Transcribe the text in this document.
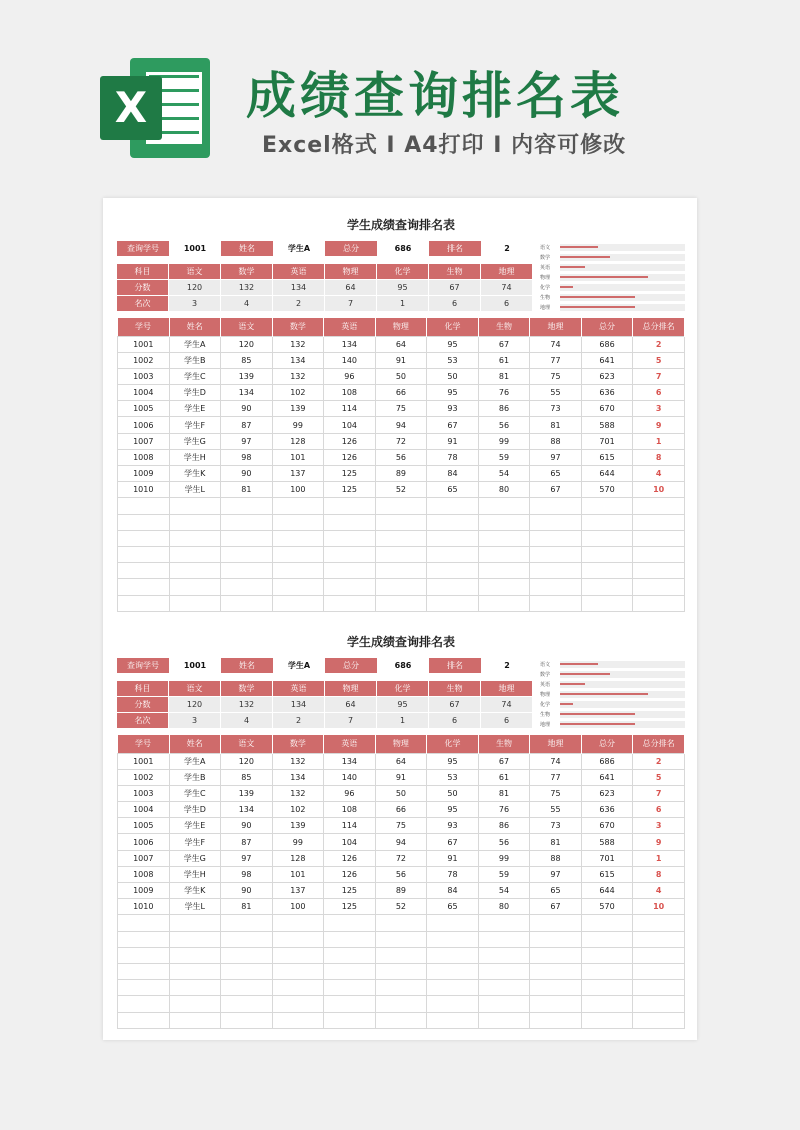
X 成绩查询排名表
Excel格式 Ⅰ A4打印 Ⅰ 内容可修改
学生成绩查询排名表
查询学号	1001	姓名	学生A	总分	686	排名	2
科目	语文	数学	英语	物理	化学	生物	地理
分数	120	132	134	64	95	67	74
名次	3	4	2	7	1	6	6
语文
数学
英语
物理
化学
生物
地理
学号	姓名	语文	数学	英语	物理	化学	生物	地理	总分	总分排名
1001	学生A	120	132	134	64	95	67	74	686	2
1002	学生B	85	134	140	91	53	61	77	641	5
1003	学生C	139	132	96	50	50	81	75	623	7
1004	学生D	134	102	108	66	95	76	55	636	6
1005	学生E	90	139	114	75	93	86	73	670	3
1006	学生F	87	99	104	94	67	56	81	588	9
1007	学生G	97	128	126	72	91	99	88	701	1
1008	学生H	98	101	126	56	78	59	97	615	8
1009	学生K	90	137	125	89	84	54	65	644	4
1010	学生L	81	100	125	52	65	80	67	570	10

学生成绩查询排名表
查询学号	1001	姓名	学生A	总分	686	排名	2
科目	语文	数学	英语	物理	化学	生物	地理
分数	120	132	134	64	95	67	74
名次	3	4	2	7	1	6	6
语文
数学
英语
物理
化学
生物
地理
学号	姓名	语文	数学	英语	物理	化学	生物	地理	总分	总分排名
1001	学生A	120	132	134	64	95	67	74	686	2
1002	学生B	85	134	140	91	53	61	77	641	5
1003	学生C	139	132	96	50	50	81	75	623	7
1004	学生D	134	102	108	66	95	76	55	636	6
1005	学生E	90	139	114	75	93	86	73	670	3
1006	学生F	87	99	104	94	67	56	81	588	9
1007	学生G	97	128	126	72	91	99	88	701	1
1008	学生H	98	101	126	56	78	59	97	615	8
1009	学生K	90	137	125	89	84	54	65	644	4
1010	学生L	81	100	125	52	65	80	67	570	10
